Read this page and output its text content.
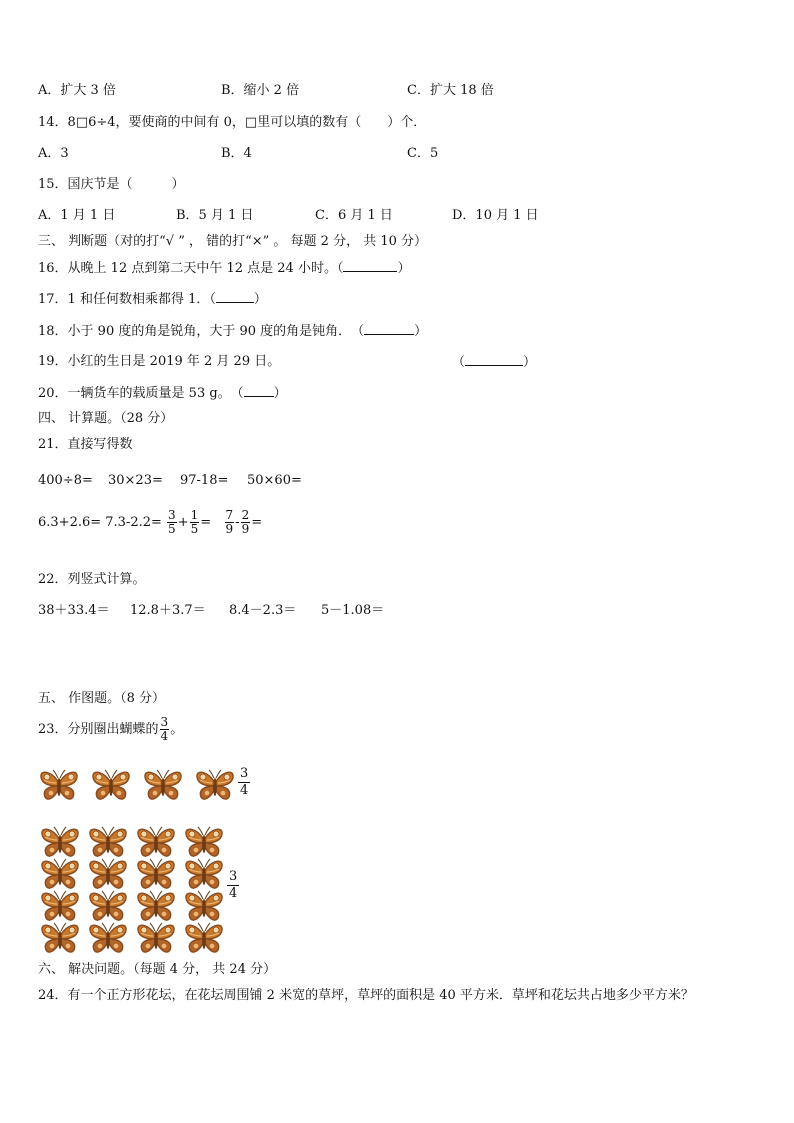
A．扩大 3 倍	B．缩小 2 倍	C．扩大 18 倍
14．8□6÷4，要使商的中间有 0，□里可以填的数有（　　）个．
A．3	B．4	C．5
15．国庆节是（　　　）
A．1 月 1 日	B．5 月 1 日	C．6 月 1 日	D．10 月 1 日
三、 判断题（对的打“√ ” ， 错的打“×” 。 每题 2 分， 共 10 分）
16．从晚上 12 点到第二天中午 12 点是 24 小时。（	）
17．1 和任何数相乘都得 1．（	）
18．小于 90 度的角是锐角，大于 90 度的角是钝角．　（	）
19．小红的生日是 2019 年 2 月 29 日。	（	）
20．一辆货车的载质量是 53 g。　（ ）
四、 计算题。（28 分）
21．直接写得数
400÷8= 30×23= 97-18= 50×60=
$6.3+2.6= 7.3-2.2= \frac{3}{5} + \frac{1}{5} = \frac{7}{9} - \frac{2}{9}$ =
22．列竖式计算。
38＋33.4＝ 12.8＋3.7＝ 8.4－2.3＝ 5－1.08＝
五、 作图题。（8 分）
23．分别圈出蝴蝶的 $\frac{3}{4}$ 。
3
4
3
4
六、 解决问题。（每题 4 分， 共 24 分）
24．有一个正方形花坛，在花坛周围铺 2 米宽的草坪，草坪的面积是 40 平方米．草坪和花坛共占地多少平方米？
